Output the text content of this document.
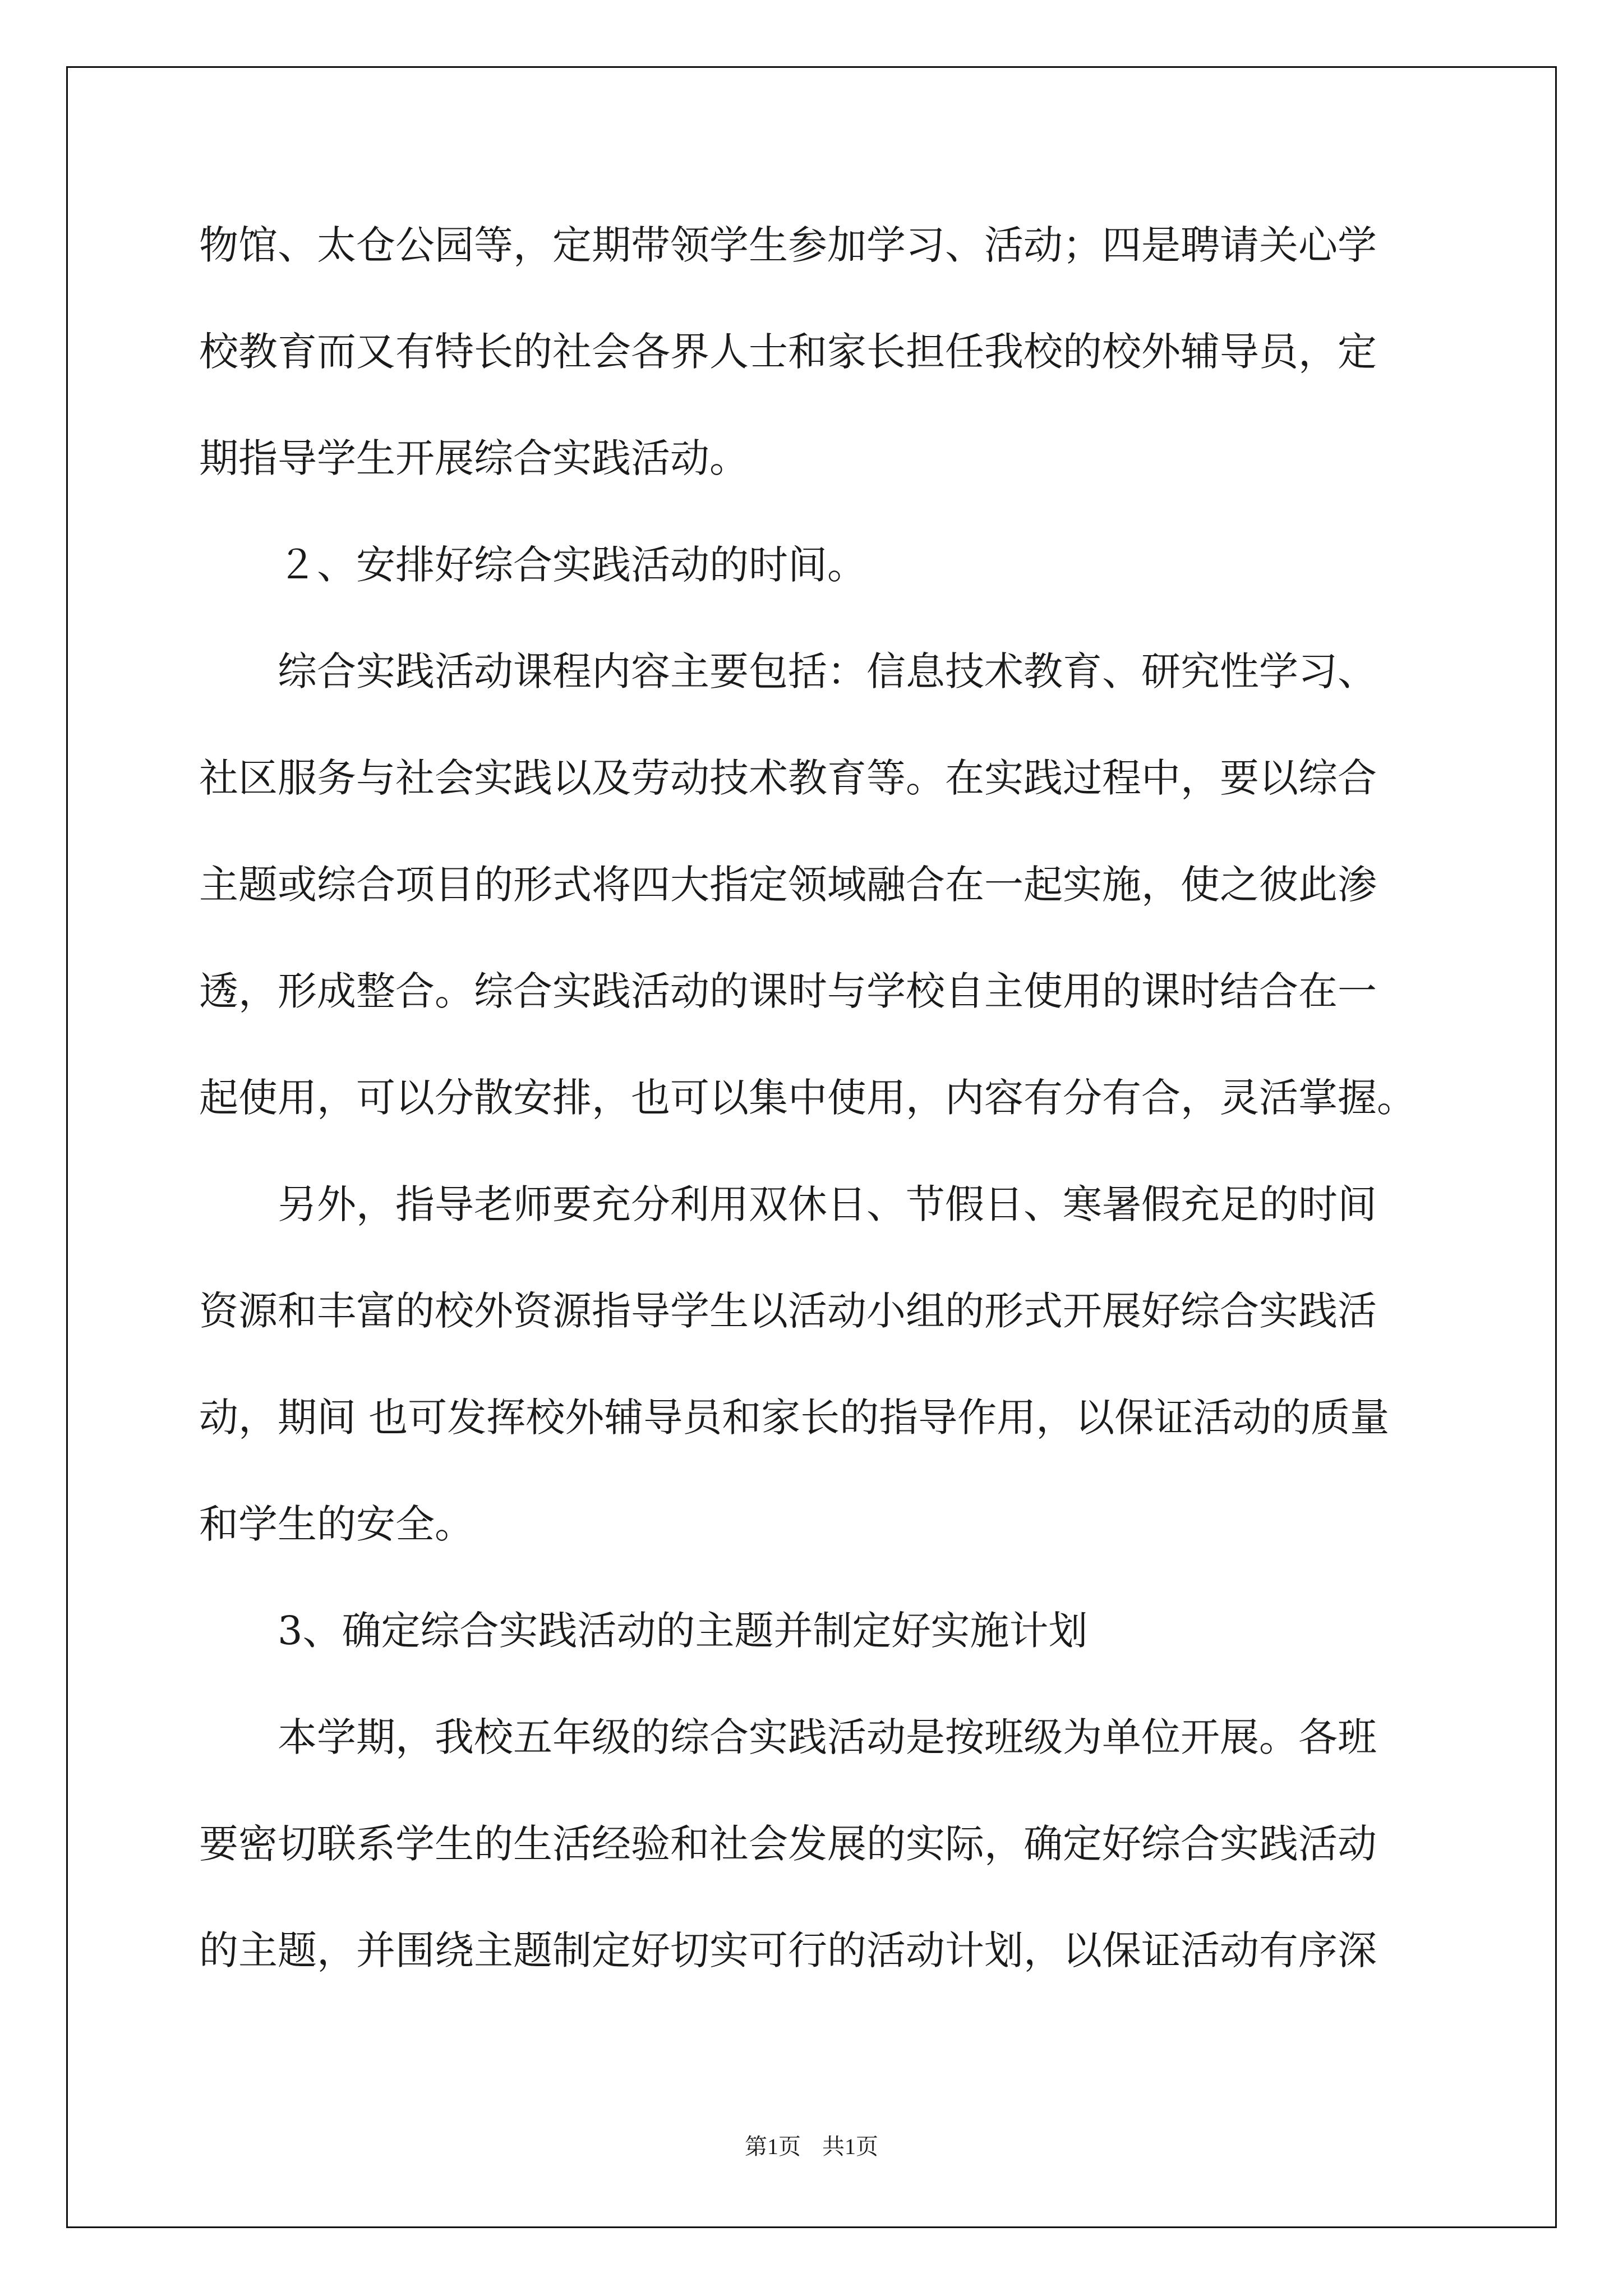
物馆、太仓公园等，定期带领学生参加学习、活动；四是聘请关心学
校教育而又有特长的社会各界人士和家长担任我校的校外辅导员，定
期指导学生开展综合实践活动。
２、安排好综合实践活动的时间。
综合实践活动课程内容主要包括：信息技术教育、研究性学习、
社区服务与社会实践以及劳动技术教育等。在实践过程中，要以综合
主题或综合项目的形式将四大指定领域融合在一起实施，使之彼此渗
透，形成整合。综合实践活动的课时与学校自主使用的课时结合在一
起使用，可以分散安排，也可以集中使用，内容有分有合，灵活掌握。
另外，指导老师要充分利用双休日、节假日、寒暑假充足的时间
资源和丰富的校外资源指导学生以活动小组的形式开展好综合实践活
动，期间 也可发挥校外辅导员和家长的指导作用，以保证活动的质量
和学生的安全。
3、确定综合实践活动的主题并制定好实施计划
本学期，我校五年级的综合实践活动是按班级为单位开展。各班
要密切联系学生的生活经验和社会发展的实际，确定好综合实践活动
的主题，并围绕主题制定好切实可行的活动计划，以保证活动有序深
第1页 共1页
